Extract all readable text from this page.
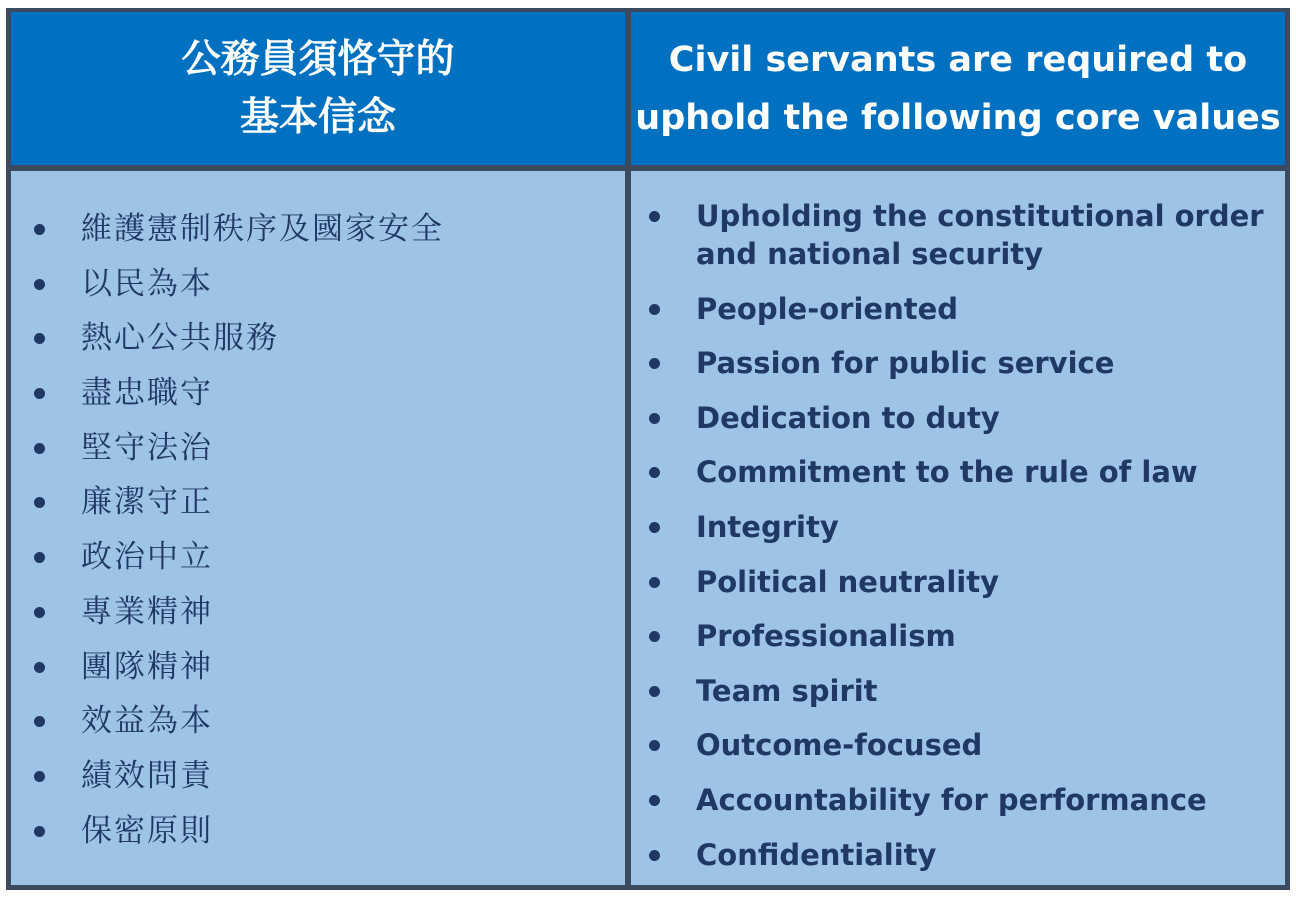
公務員須恪守的
基本信念
Civil servants are required to
uphold the following core values
維護憲制秩序及國家安全
以民為本
熱心公共服務
盡忠職守
堅守法治
廉潔守正
政治中立
專業精神
團隊精神
效益為本
績效問責
保密原則
Upholding the constitutional order and national security
People-oriented
Passion for public service
Dedication to duty
Commitment to the rule of law
Integrity
Political neutrality
Professionalism
Team spirit
Outcome-focused
Accountability for performance
Confidentiality
